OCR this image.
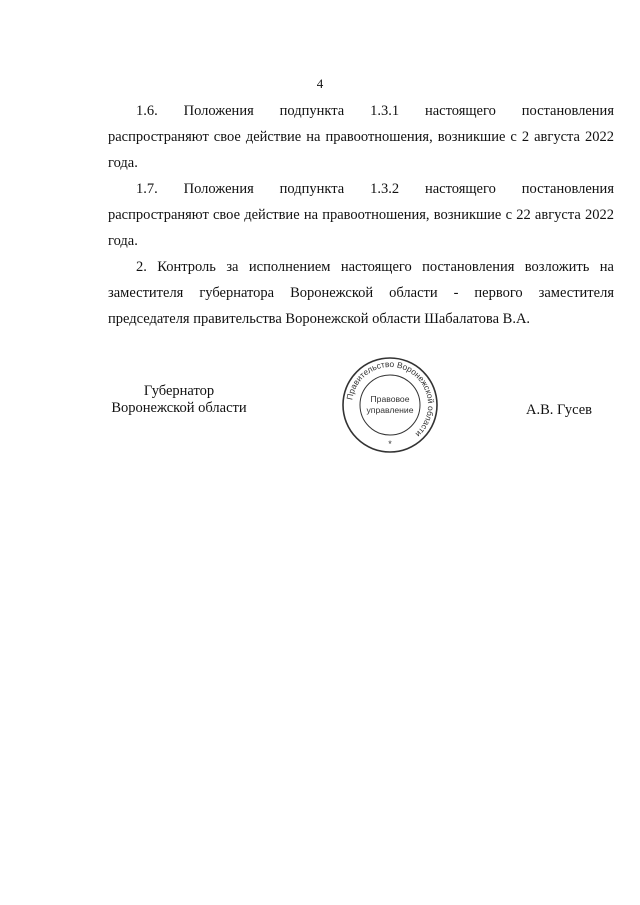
4

1.6. Положения подпункта 1.3.1 настоящего постановления
распространяют свое действие на правоотношения, возникшие с 2 августа 2022
года.

1.7. Положения подпункта 1.3.2 настоящего постановления
распространяют свое действие на правоотношения, возникшие с 22 августа 2022
года.

2. Контроль за исполнением настоящего постановления возложить на
заместителя губернатора Воронежской области - первого заместителя
председателя правительства Воронежской области Шабалатова В.А.

Губернатор
Воронежской области	А.В. Гусев
Правительство Воронежской области
Правовое
управление
*
